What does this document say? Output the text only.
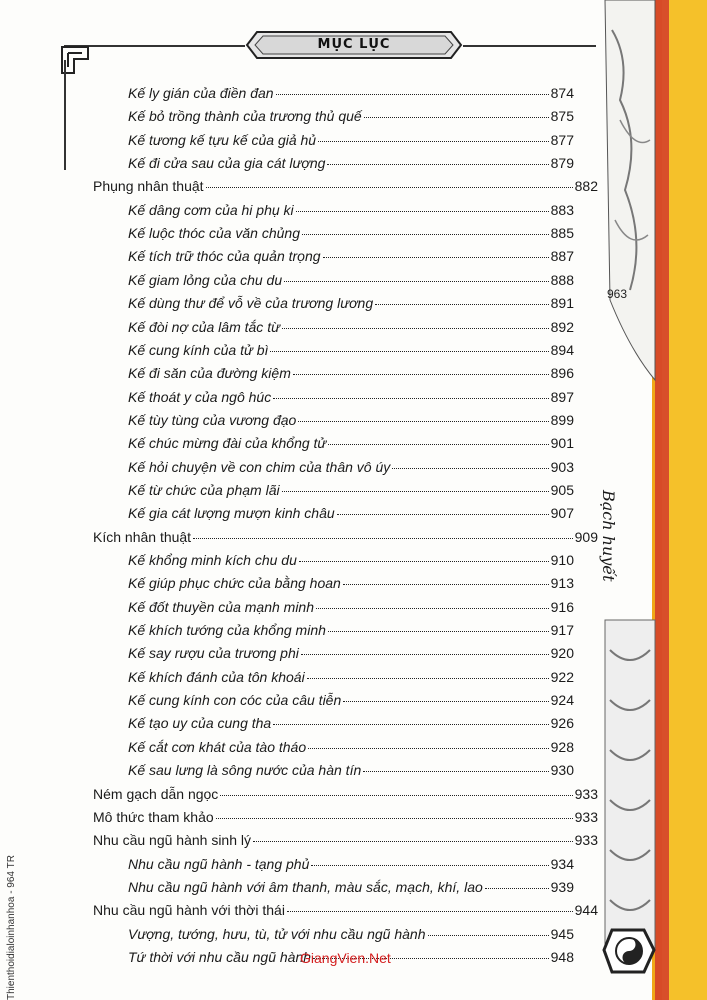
MỤC LỤC
963
Bạch huyết
Thienthoidialoinhanhoa - 964 TR
Kế ly gián của điền đan	874
Kế bỏ trồng thành của trương thủ quế	875
Kế tương kế tựu kế của giả hủ	877
Kế đi cửa sau của gia cát lượng	879
Phụng nhân thuật	882
Kế dâng cơm của hi phụ ki	883
Kế luộc thóc của văn chủng	885
Kế tích trữ thóc của quản trọng	887
Kế giam lỏng của chu du	888
Kế dùng thư để vỗ về của trương lương	891
Kế đòi nợ của lâm tắc từ	892
Kế cung kính của tử bì	894
Kế đi săn của đường kiệm	896
Kế thoát y của ngô húc	897
Kế tùy tùng của vương đạo	899
Kế chúc mừng đài của khổng tử	901
Kế hỏi chuyện về con chim của thân vô úy	903
Kế từ chức của phạm lãi	905
Kế gia cát lượng mượn kinh châu	907
Kích nhân thuật	909
Kế khổng minh kích chu du	910
Kế giúp phục chức của bằng hoan	913
Kế đốt thuyền của mạnh minh	916
Kế khích tướng của khổng minh	917
Kế say rượu của trương phi	920
Kế khích đánh của tôn khoái	922
Kế cung kính con cóc của câu tiễn	924
Kế tạo uy của cung tha	926
Kế cắt cơn khát của tào tháo	928
Kế sau lưng là sông nước của hàn tín	930
Ném gạch dẫn ngọc	933
Mô thức tham khảo	933
Nhu cầu ngũ hành sinh lý	933
Nhu cầu ngũ hành - tạng phủ	934
Nhu cầu ngũ hành với âm thanh, màu sắc, mạch, khí, lao	939
Nhu cầu ngũ hành với thời thái	944
Vượng, tướng, hưu, tù, tử với nhu cầu ngũ hành	945
Tứ thời với nhu cầu ngũ hành	948
GiangVien.Net
